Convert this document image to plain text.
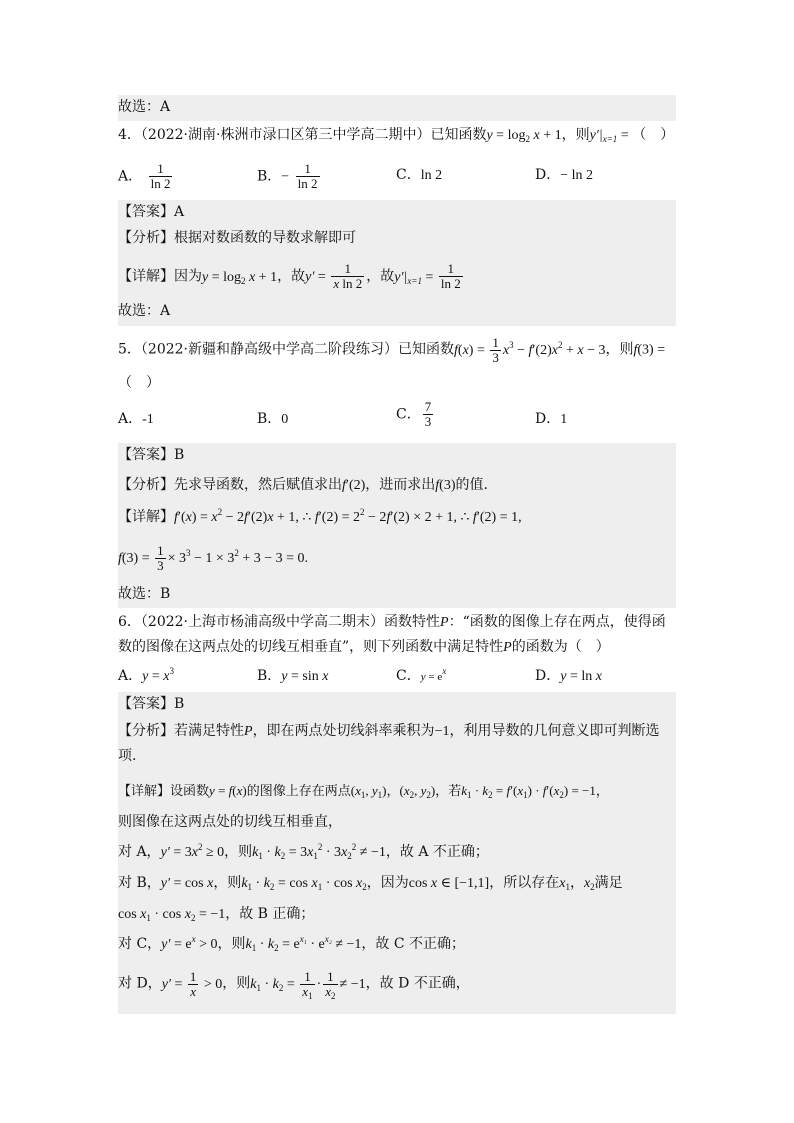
故选：A
4．（2022·湖南·株洲市渌口区第三中学高二期中）已知函数$y = \log_2 x + 1$，则$y'|_{x=1}$ = （　）
A． $\frac{1}{\ln 2}$	B．− $\frac{1}{\ln 2}$	C．ln 2	D．− ln 2
【答案】A
【分析】根据对数函数的导数求解即可
【详解】因为$y = \log_2 x + 1$，故$y' = \frac{1}{\text{x ln 2}}$ ，故$y'|_{x=1} = \frac{1}{\ln 2}$
故选：A
5．（2022·新疆和静高级中学高二阶段练习）已知函数$f(x) = \frac{1}{3} x^3 - f'(2)x^2 + x - 3$，则f(3) =
（　）
A．-1	B．0	C． $\frac{7}{3}$	D．1
【答案】B
【分析】先求导函数，然后赋值求出f′(2)，进而求出f(3)的值.
【详解】$f'(x) = x^2 - 2f'(2)x + 1$, ∴ $f'(2) = 2^2 - 2f'(2) \times 2 + 1$, ∴ f′(2) = 1,
$f(3) = \frac{1}{3} \times 3^3 - 1 \times 3^2 + 3 - 3 = 0$.
故选：B
6．（2022·上海市杨浦高级中学高二期末）函数特性P：“函数的图像上存在两点，使得函
数的图像在这两点处的切线互相垂直”，则下列函数中满足特性P的函数为（　）
A．$y = x^3$	B．y = sin x	C．$y = e^x$	D．y = ln x
【答案】B
【分析】若满足特性P，即在两点处切线斜率乘积为−1，利用导数的几何意义即可判断选
项.
【详解】设函数y = f(x)的图像上存在两点($x_1$, $y_1$)，($x_2$, $y_2$)，若$k_1 \cdot k_2 = f'(x_1) \cdot f'(x_2) = -1$，
则图像在这两点处的切线互相垂直，
对 A，$y' = 3x^2 \ge 0$，则$k_1 \cdot k_2 = 3x_1^2 \cdot 3x_2^2 \ne -1$，故 A 不正确；
对 B，y′ = cos x，则$k_1 \cdot k_2 = \cos x_1 \cdot \cos x_2$，因为cos x ∈ [−1,1]，所以存在$x_1$，$x_2$满足
$\cos x_1 \cdot \cos x_2 = -1$，故 B 正确；
对 C，$y' = e^x > 0$，则$k_1 \cdot k_2 = e^{x_1} \cdot e^{x_2} \ne -1$，故 C 不正确；
对 D，$y' = \frac{1}{x} > 0$，则$k_1 \cdot k_2 = \frac{1}{x_1} \cdot \frac{1}{x_2} \ne -1$，故 D 不正确，
